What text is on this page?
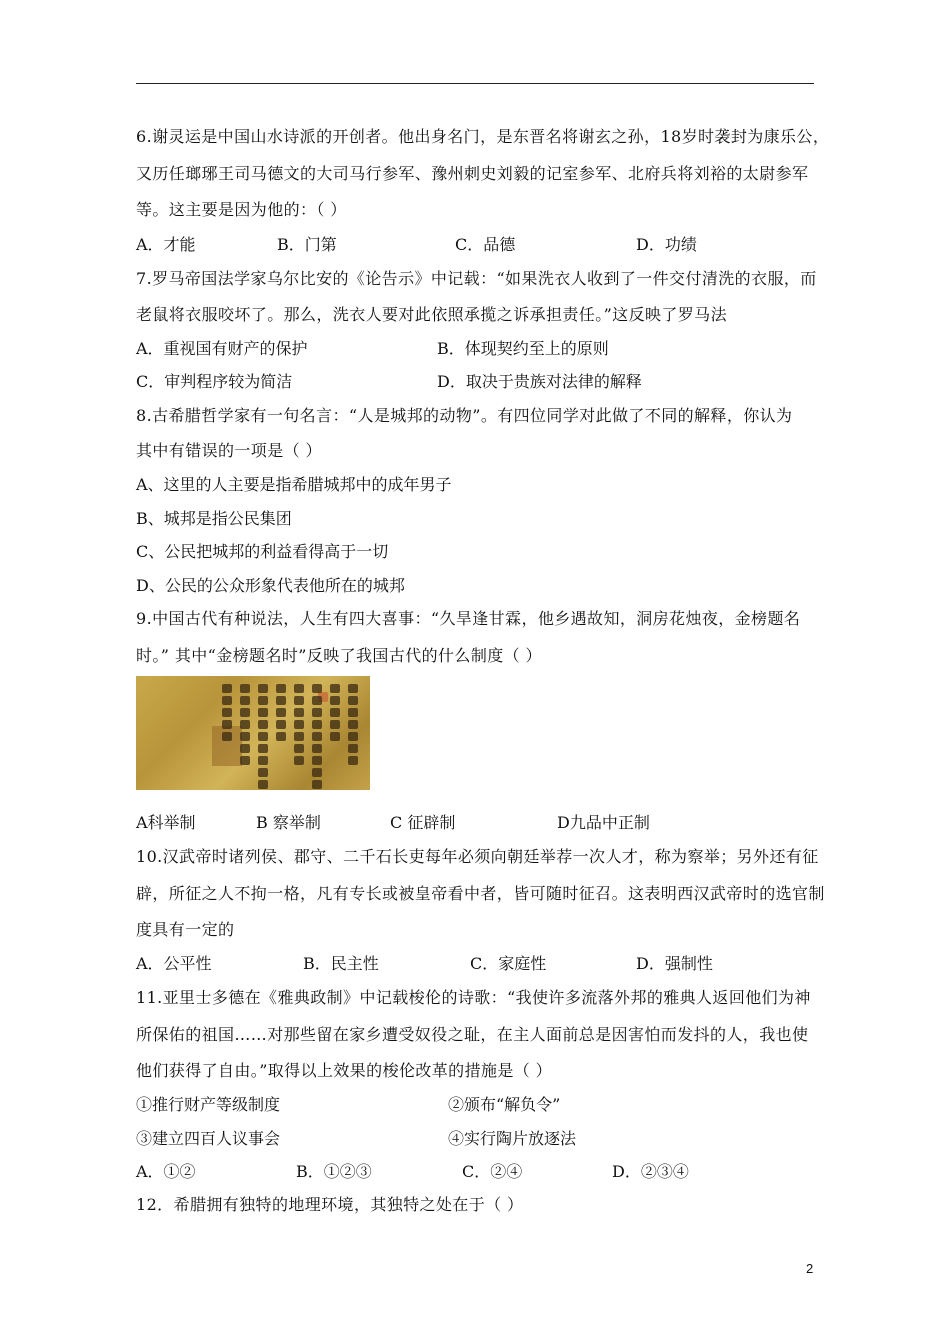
6.谢灵运是中国山水诗派的开创者。他出身名门，是东晋名将谢玄之孙，18岁时袭封为康乐公，
又历任瑯琊王司马德文的大司马行参军、豫州刺史刘毅的记室参军、北府兵将刘裕的太尉参军
等。这主要是因为他的：（ ）
A．才能	B．门第	C．品德	D．功绩
7.罗马帝国法学家乌尔比安的《论告示》中记载：“如果洗衣人收到了一件交付清洗的衣服，而
老鼠将衣服咬坏了。那么，洗衣人要对此依照承揽之诉承担责任。”这反映了罗马法
A．重视国有财产的保护	B．体现契约至上的原则
C．审判程序较为简洁	D．取决于贵族对法律的解释
8.古希腊哲学家有一句名言：“人是城邦的动物”。有四位同学对此做了不同的解释，你认为
其中有错误的一项是（ ）
A、这里的人主要是指希腊城邦中的成年男子
B、城邦是指公民集团
C、公民把城邦的利益看得高于一切
D、公民的公众形象代表他所在的城邦
9.中国古代有种说法，人生有四大喜事：“久旱逢甘霖，他乡遇故知，洞房花烛夜，金榜题名
时。” 其中“金榜题名时”反映了我国古代的什么制度（ ）
A科举制	B 察举制	C 征辟制	D九品中正制
10.汉武帝时诸列侯、郡守、二千石长吏每年必须向朝廷举荐一次人才，称为察举；另外还有征
辟，所征之人不拘一格，凡有专长或被皇帝看中者，皆可随时征召。这表明西汉武帝时的选官制
度具有一定的
A．公平性	B．民主性	C．家庭性	D．强制性
11.亚里士多德在《雅典政制》中记载梭伦的诗歌：“我使许多流落外邦的雅典人返回他们为神
所保佑的祖国……对那些留在家乡遭受奴役之耻，在主人面前总是因害怕而发抖的人，我也使
他们获得了自由。”取得以上效果的梭伦改革的措施是（ ）
①推行财产等级制度	②颁布“解负令”
③建立四百人议事会	④实行陶片放逐法
A．①②	B．①②③	C．②④	D．②③④
12．希腊拥有独特的地理环境，其独特之处在于（ ）
2
